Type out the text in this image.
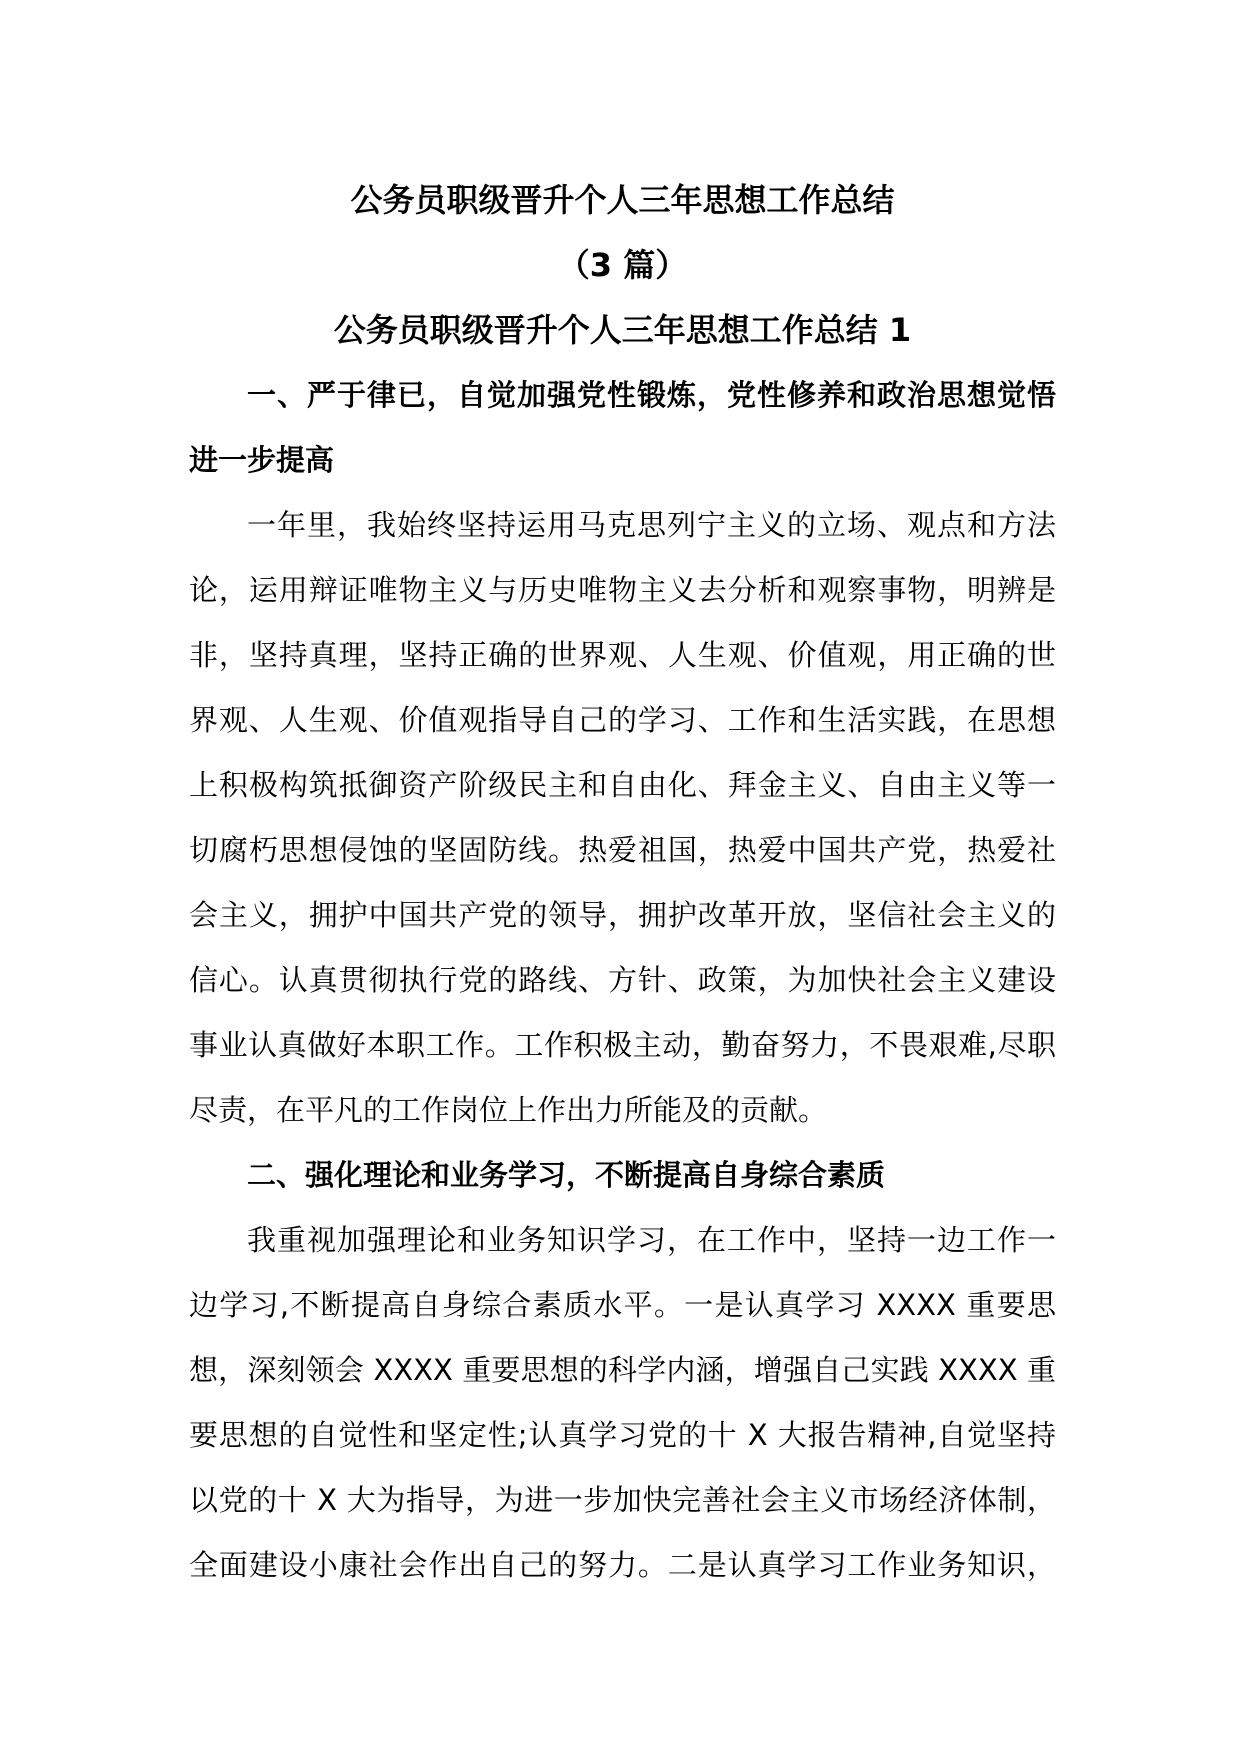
公务员职级晋升个人三年思想工作总结
（3 篇）
公务员职级晋升个人三年思想工作总结 1
一、严于律已，自觉加强党性锻炼，党性修养和政治思想觉悟
进一步提高
一年里，我始终坚持运用马克思列宁主义的立场、观点和方法
论，运用辩证唯物主义与历史唯物主义去分析和观察事物，明辨是
非，坚持真理，坚持正确的世界观、人生观、价值观，用正确的世
界观、人生观、价值观指导自己的学习、工作和生活实践，在思想
上积极构筑抵御资产阶级民主和自由化、拜金主义、自由主义等一
切腐朽思想侵蚀的坚固防线。热爱祖国，热爱中国共产党，热爱社
会主义，拥护中国共产党的领导，拥护改革开放，坚信社会主义的
信心。认真贯彻执行党的路线、方针、政策，为加快社会主义建设
事业认真做好本职工作。工作积极主动，勤奋努力，不畏艰难,尽职
尽责，在平凡的工作岗位上作出力所能及的贡献。
二、强化理论和业务学习，不断提高自身综合素质
我重视加强理论和业务知识学习，在工作中，坚持一边工作一
边学习,不断提高自身综合素质水平。一是认真学习 XXXX 重要思
想，深刻领会 XXXX 重要思想的科学内涵，增强自己实践 XXXX 重
要思想的自觉性和坚定性;认真学习党的十 X 大报告精神,自觉坚持
以党的十 X 大为指导，为进一步加快完善社会主义市场经济体制，
全面建设小康社会作出自己的努力。二是认真学习工作业务知识，
